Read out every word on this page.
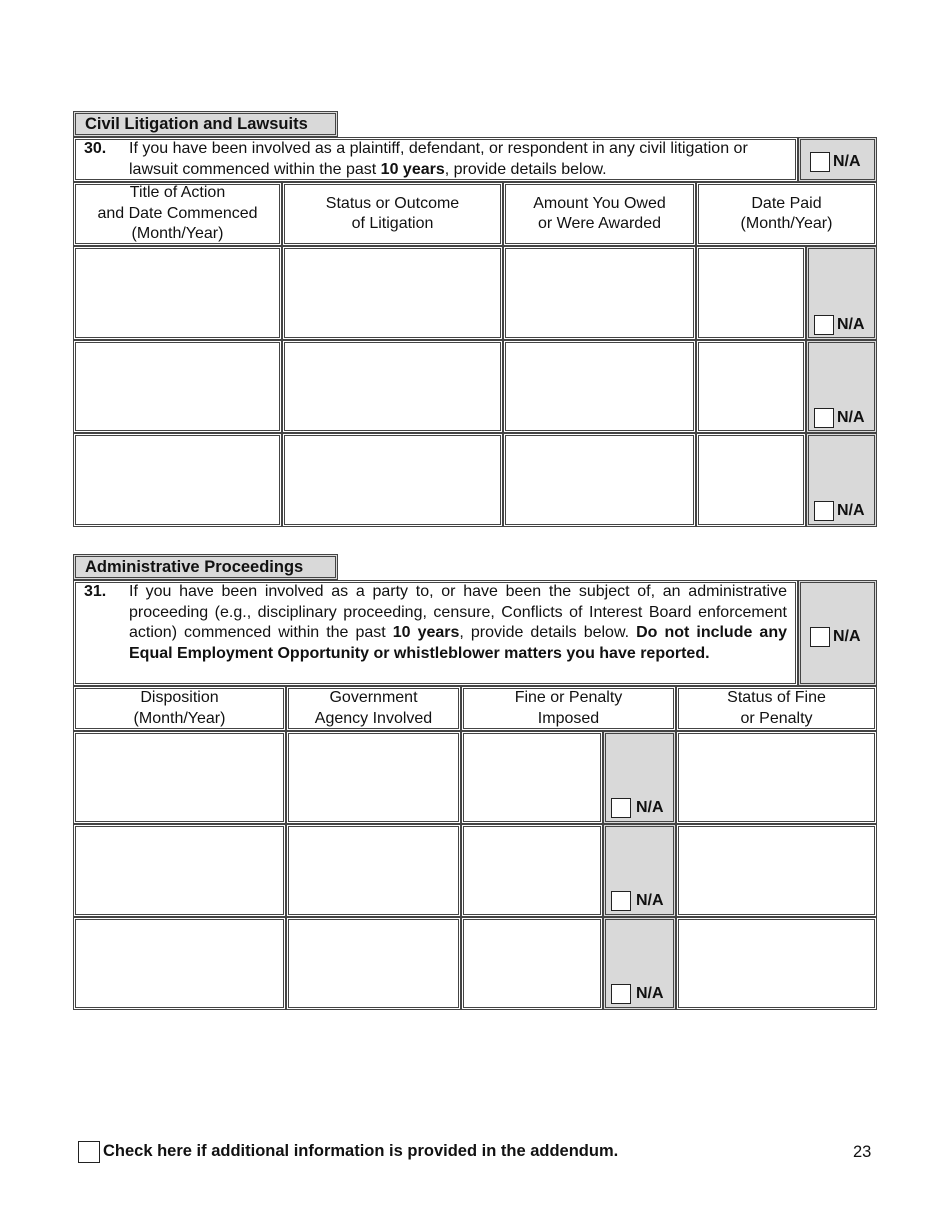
Civil Litigation and Lawsuits
30. If you have been involved as a plaintiff, defendant, or respondent in any civil litigation or lawsuit commenced within the past 10 years, provide details below.	N/A
Title of Action
and Date Commenced
(Month/Year)
Status or Outcome
of Litigation
Amount You Owed
or Were Awarded
Date Paid
(Month/Year)
N/A
N/A
N/A
Administrative Proceedings
31. If you have been involved as a party to, or have been the subject of, an administrative proceeding (e.g., disciplinary proceeding, censure, Conflicts of Interest Board enforcement action) commenced within the past 10 years, provide details below. Do not include any Equal Employment Opportunity or whistleblower matters you have reported.
N/A
Disposition
(Month/Year)
Government
Agency Involved
Fine or Penalty
Imposed
Status of Fine
or Penalty
N/A
N/A
N/A
Check here if additional information is provided in the addendum.	23
